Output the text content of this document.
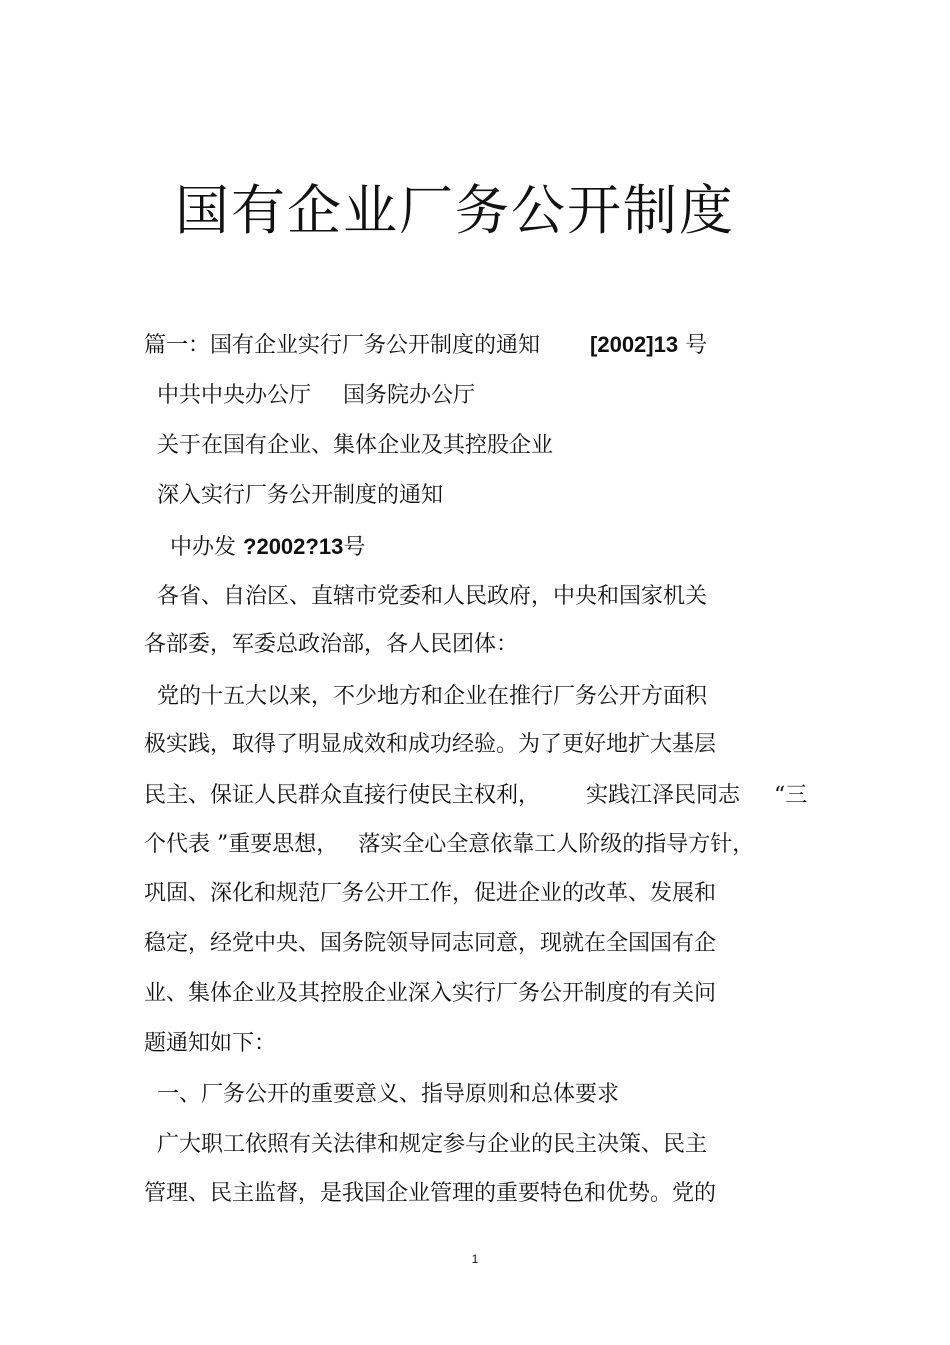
国有企业厂务公开制度
篇一：国有企业实行厂务公开制度的通知 [2002]13 号
中共中央办公厅 国务院办公厅
关于在国有企业、集体企业及其控股企业
深入实行厂务公开制度的通知
中办发 ?2002?13号
各省、自治区、直辖市党委和人民政府，中央和国家机关
各部委，军委总政治部，各人民团体：
党的十五大以来，不少地方和企业在推行厂务公开方面积
极实践，取得了明显成效和成功经验。为了更好地扩大基层
民主、保证人民群众直接行使民主权利， 实践江泽民同志 “三
个代表 ”重要思想， 落实全心全意依靠工人阶级的指导方针，
巩固、深化和规范厂务公开工作，促进企业的改革、发展和
稳定，经党中央、国务院领导同志同意，现就在全国国有企
业、集体企业及其控股企业深入实行厂务公开制度的有关问
题通知如下：
一、厂务公开的重要意义、指导原则和总体要求
广大职工依照有关法律和规定参与企业的民主决策、民主
管理、民主监督，是我国企业管理的重要特色和优势。党的
1
